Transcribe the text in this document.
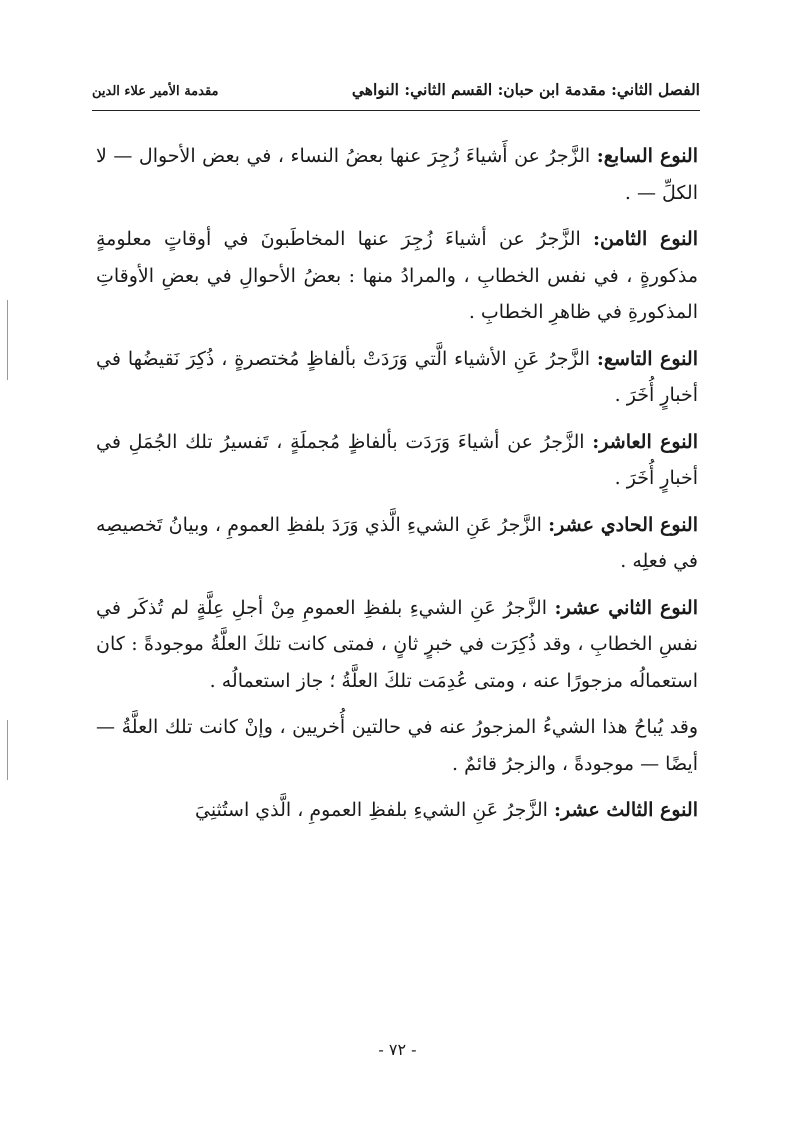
الفصل الثاني: مقدمة ابن حبان: القسم الثاني: النواهي
مقدمة الأمير علاء الدين

النوع السابع: الزَّجرُ عن أَشياءَ زُجِرَ عنها بعضُ النساء ، في بعض الأحوال — لا الكلِّ — .

النوع الثامن: الزَّجرُ عن أشياءَ زُجِرَ عنها المخاطَبونَ في أوقاتٍ معلومةٍ مذكورةٍ ، في نفس الخطابِ ، والمرادُ منها : بعضُ الأحوالِ في بعضِ الأوقاتِ المذكورةِ في ظاهرِ الخطابِ .

النوع التاسع: الزَّجرُ عَنِ الأشياء الَّتي وَرَدَتْ بألفاظٍ مُختصرةٍ ، ذُكِرَ نَقيضُها في أخبارٍ أُخَرَ .

النوع العاشر: الزَّجرُ عن أشياءَ وَرَدَت بألفاظٍ مُجملَةٍ ، تَفسيرُ تلك الجُمَلِ في أخبارٍ أُخَرَ .

النوع الحادي عشر: الزَّجرُ عَنِ الشيءِ الَّذي وَرَدَ بلفظِ العمومِ ، وبيانُ تَخصيصِه في فعلِه .

النوع الثاني عشر: الزَّجرُ عَنِ الشيءِ بلفظِ العمومِ مِنْ أجلِ عِلَّةٍ لم تُذكَر في نفسِ الخطابِ ، وقد ذُكِرَت في خبرٍ ثانٍ ، فمتى كانت تلكَ العلَّةُ موجودةً : كان استعمالُه مزجورًا عنه ، ومتى عُدِمَت تلكَ العلَّةُ ؛ جاز استعمالُه .

وقد يُباحُ هذا الشيءُ المزجورُ عنه في حالتين أُخريين ، وإنْ كانت تلك العلَّةُ — أيضًا — موجودةً ، والزجرُ قائمٌ .

النوع الثالث عشر: الزَّجرُ عَنِ الشيءِ بلفظِ العمومِ ، الَّذي استُثنِيَ

- ٧٢ -
